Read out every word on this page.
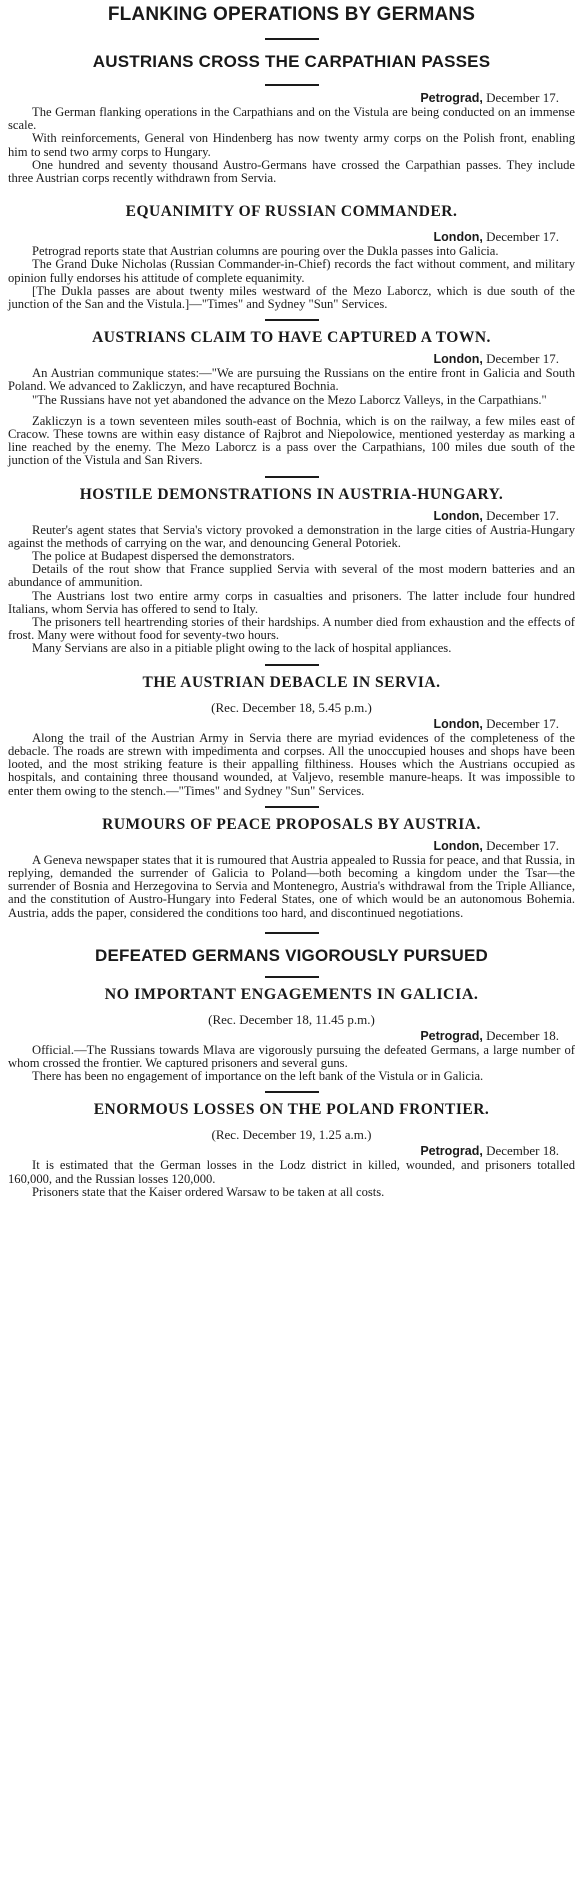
FLANKING OPERATIONS BY GERMANS
AUSTRIANS CROSS THE CARPATHIAN PASSES

Petrograd, December 17.

The German flanking operations in the Carpathians and on the Vistula are being conducted on an immense scale.

With reinforcements, General von Hindenberg has now twenty army corps on the Polish front, enabling him to send two army corps to Hungary.

One hundred and seventy thousand Austro-Germans have crossed the Carpathian passes. They include three Austrian corps recently withdrawn from Servia.

EQUANIMITY OF RUSSIAN COMMANDER.

London, December 17.

Petrograd reports state that Austrian columns are pouring over the Dukla passes into Galicia.

The Grand Duke Nicholas (Russian Commander-in-Chief) records the fact without comment, and military opinion fully endorses his attitude of complete equanimity.

[The Dukla passes are about twenty miles westward of the Mezo Laborcz, which is due south of the junction of the San and the Vistula.]—"Times" and Sydney "Sun" Services.

AUSTRIANS CLAIM TO HAVE CAPTURED A TOWN.

London, December 17.

An Austrian communique states:—"We are pursuing the Russians on the entire front in Galicia and South Poland. We advanced to Zakliczyn, and have recaptured Bochnia.

"The Russians have not yet abandoned the advance on the Mezo Laborcz Valleys, in the Carpathians."

Zakliczyn is a town seventeen miles south-east of Bochnia, which is on the railway, a few miles east of Cracow. These towns are within easy distance of Rajbrot and Niepolowice, mentioned yesterday as marking a line reached by the enemy. The Mezo Laborcz is a pass over the Carpathians, 100 miles due south of the junction of the Vistula and San Rivers.

HOSTILE DEMONSTRATIONS IN AUSTRIA-HUNGARY.

London, December 17.

Reuter's agent states that Servia's victory provoked a demonstration in the large cities of Austria-Hungary against the methods of carrying on the war, and denouncing General Potoriek.

The police at Budapest dispersed the demonstrators.

Details of the rout show that France supplied Servia with several of the most modern batteries and an abundance of ammunition.

The Austrians lost two entire army corps in casualties and prisoners. The latter include four hundred Italians, whom Servia has offered to send to Italy.

The prisoners tell heartrending stories of their hardships. A number died from exhaustion and the effects of frost. Many were without food for seventy-two hours.

Many Servians are also in a pitiable plight owing to the lack of hospital appliances.

THE AUSTRIAN DEBACLE IN SERVIA.

(Rec. December 18, 5.45 p.m.)

London, December 17.

Along the trail of the Austrian Army in Servia there are myriad evidences of the completeness of the debacle. The roads are strewn with impedimenta and corpses. All the unoccupied houses and shops have been looted, and the most striking feature is their appalling filthiness. Houses which the Austrians occupied as hospitals, and containing three thousand wounded, at Valjevo, resemble manure-heaps. It was impossible to enter them owing to the stench.—"Times" and Sydney "Sun" Services.

RUMOURS OF PEACE PROPOSALS BY AUSTRIA.

London, December 17.

A Geneva newspaper states that it is rumoured that Austria appealed to Russia for peace, and that Russia, in replying, demanded the surrender of Galicia to Poland—both becoming a kingdom under the Tsar—the surrender of Bosnia and Herzegovina to Servia and Montenegro, Austria's withdrawal from the Triple Alliance, and the constitution of Austro-Hungary into Federal States, one of which would be an autonomous Bohemia. Austria, adds the paper, considered the conditions too hard, and discontinued negotiations.

DEFEATED GERMANS VIGOROUSLY PURSUED
NO IMPORTANT ENGAGEMENTS IN GALICIA.

(Rec. December 18, 11.45 p.m.)

Petrograd, December 18.

Official.—The Russians towards Mlava are vigorously pursuing the defeated Germans, a large number of whom crossed the frontier. We captured prisoners and several guns.

There has been no engagement of importance on the left bank of the Vistula or in Galicia.

ENORMOUS LOSSES ON THE POLAND FRONTIER.

(Rec. December 19, 1.25 a.m.)

Petrograd, December 18.

It is estimated that the German losses in the Lodz district in killed, wounded, and prisoners totalled 160,000, and the Russian losses 120,000.

Prisoners state that the Kaiser ordered Warsaw to be taken at all costs.
